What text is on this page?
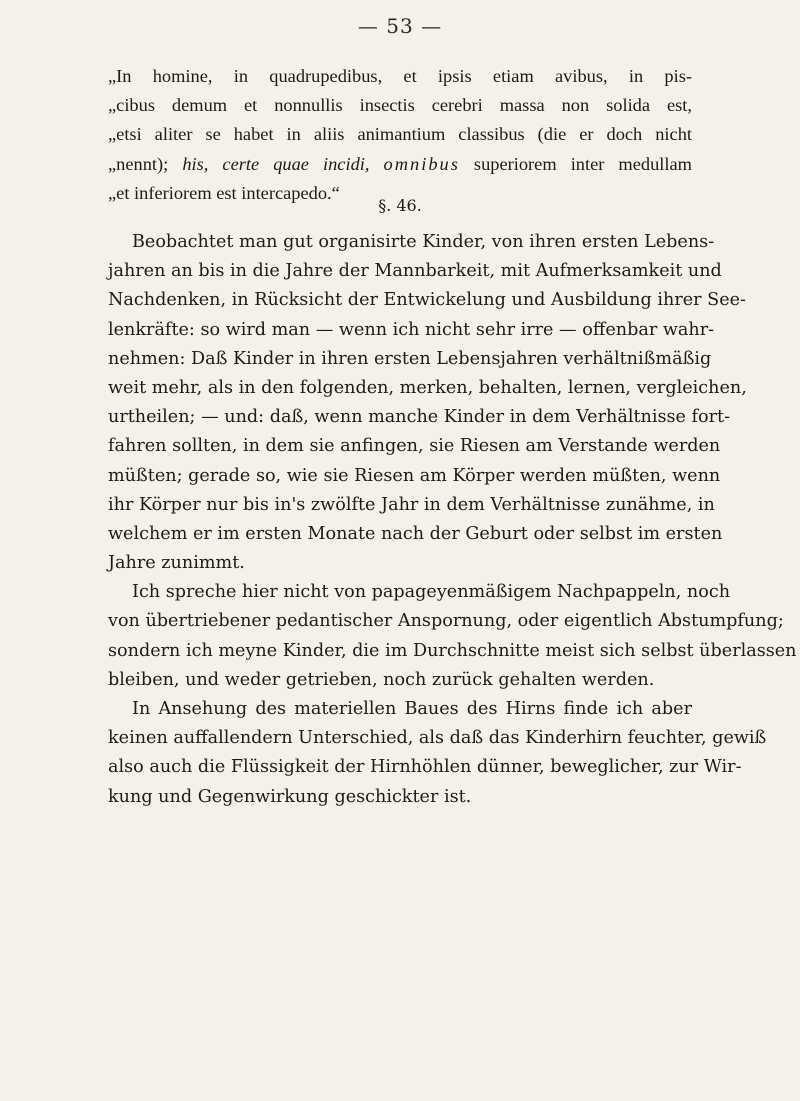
— 53 —
„In homine, in quadrupedibus, et ipsis etiam avibus, in pis-
„cibus demum et nonnullis insectis cerebri massa non solida est,
„etsi aliter se habet in aliis animantium classibus (die er doch nicht
„nennt); his, certe quae incidi, omnibus superiorem inter medullam
„et inferiorem est intercapedo.“
§. 46.
Beobachtet man gut organisirte Kinder, von ihren ersten Lebens-
jahren an bis in die Jahre der Mannbarkeit, mit Aufmerksamkeit und
Nachdenken, in Rücksicht der Entwickelung und Ausbildung ihrer See-
lenkräfte: so wird man — wenn ich nicht sehr irre — offenbar wahr-
nehmen: Daß Kinder in ihren ersten Lebensjahren verhältnißmäßig
weit mehr, als in den folgenden, merken, behalten, lernen, vergleichen,
urtheilen; — und: daß, wenn manche Kinder in dem Verhältnisse fort-
fahren sollten, in dem sie anfingen, sie Riesen am Verstande werden
müßten; gerade so, wie sie Riesen am Körper werden müßten, wenn
ihr Körper nur bis in's zwölfte Jahr in dem Verhältnisse zunähme, in
welchem er im ersten Monate nach der Geburt oder selbst im ersten
Jahre zunimmt.
Ich spreche hier nicht von papageyenmäßigem Nachpappeln, noch
von übertriebener pedantischer Anspornung, oder eigentlich Abstumpfung;
sondern ich meyne Kinder, die im Durchschnitte meist sich selbst überlassen
bleiben, und weder getrieben, noch zurück gehalten werden.
In Ansehung des materiellen Baues des Hirns finde ich aber
keinen auffallendern Unterschied, als daß das Kinderhirn feuchter, gewiß
also auch die Flüssigkeit der Hirnhöhlen dünner, beweglicher, zur Wir-
kung und Gegenwirkung geschickter ist.
